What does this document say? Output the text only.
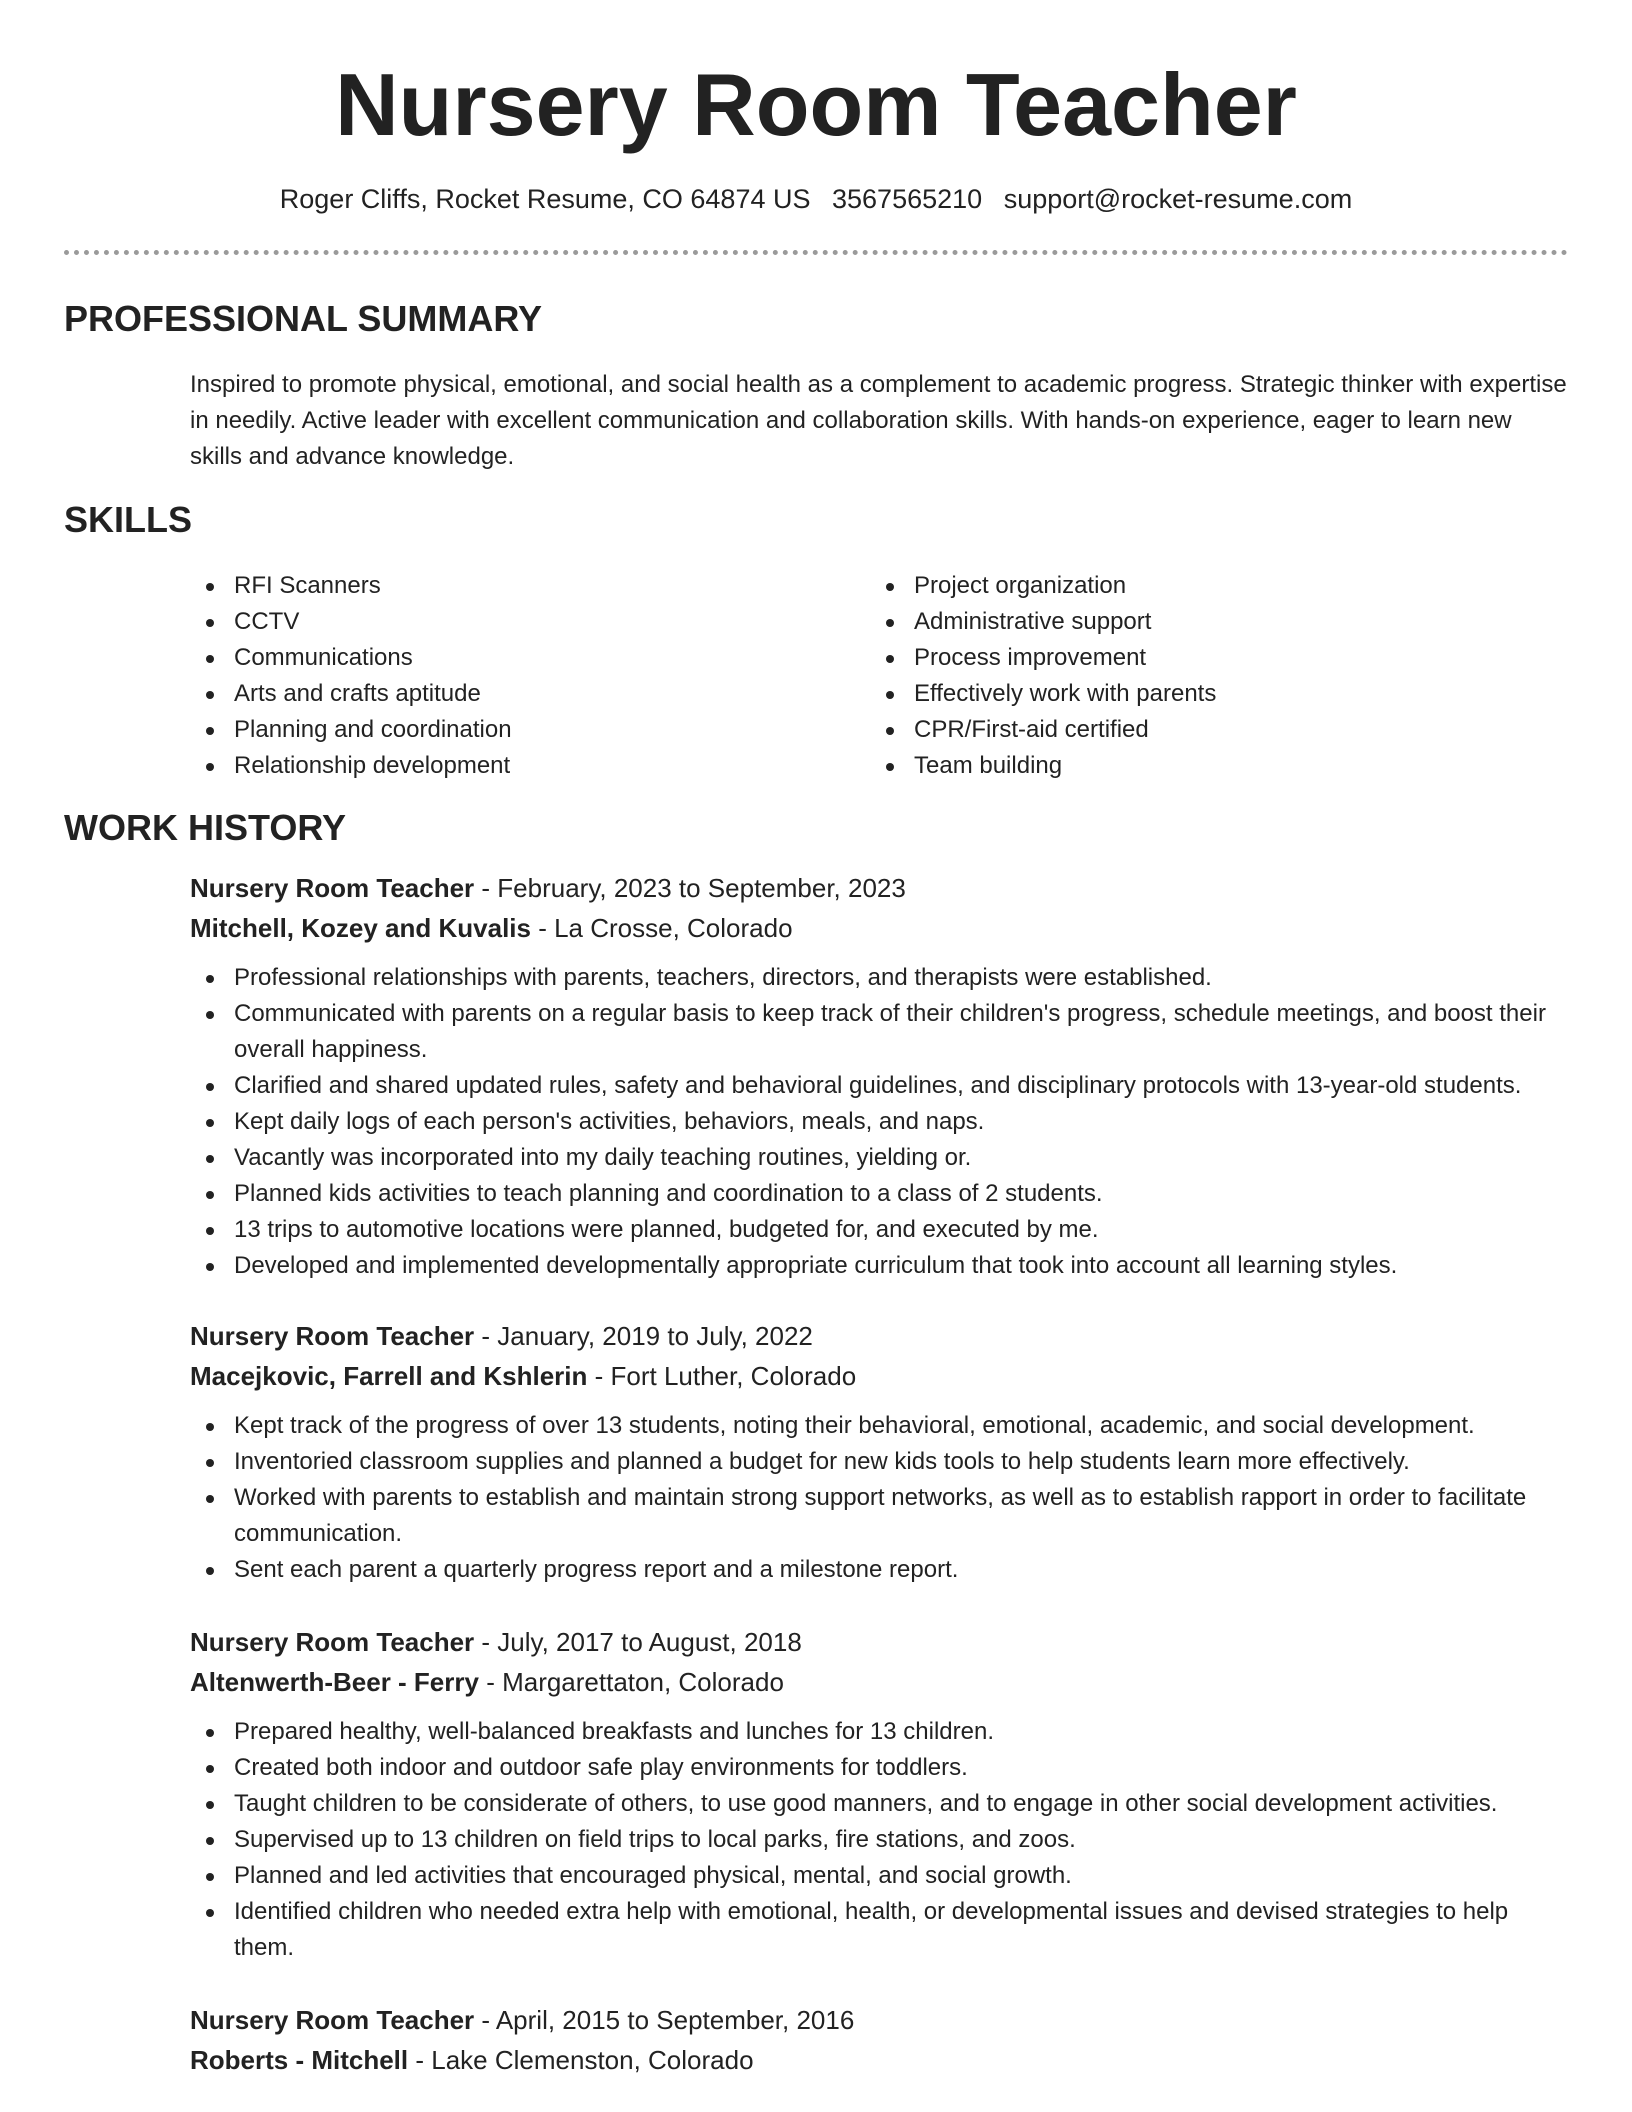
Nursery Room Teacher
Roger Cliffs, Rocket Resume, CO 64874 US 3567565210 support@rocket-resume.com
PROFESSIONAL SUMMARY

Inspired to promote physical, emotional, and social health as a complement to academic progress. Strategic thinker with expertise in needily. Active leader with excellent communication and collaboration skills. With hands-on experience, eager to learn new skills and advance knowledge.

SKILLS
RFI Scanners
CCTV
Communications
Arts and crafts aptitude
Planning and coordination
Relationship development
Project organization
Administrative support
Process improvement
Effectively work with parents
CPR/First-aid certified
Team building
WORK HISTORY

Nursery Room Teacher - February, 2023 to September, 2023

Mitchell, Kozey and Kuvalis - La Crosse, Colorado

Professional relationships with parents, teachers, directors, and therapists were established.
Communicated with parents on a regular basis to keep track of their children's progress, schedule meetings, and boost their overall happiness.
Clarified and shared updated rules, safety and behavioral guidelines, and disciplinary protocols with 13-year-old students.
Kept daily logs of each person's activities, behaviors, meals, and naps.
Vacantly was incorporated into my daily teaching routines, yielding or.
Planned kids activities to teach planning and coordination to a class of 2 students.
13 trips to automotive locations were planned, budgeted for, and executed by me.
Developed and implemented developmentally appropriate curriculum that took into account all learning styles.

Nursery Room Teacher - January, 2019 to July, 2022

Macejkovic, Farrell and Kshlerin - Fort Luther, Colorado

Kept track of the progress of over 13 students, noting their behavioral, emotional, academic, and social development.
Inventoried classroom supplies and planned a budget for new kids tools to help students learn more effectively.
Worked with parents to establish and maintain strong support networks, as well as to establish rapport in order to facilitate communication.
Sent each parent a quarterly progress report and a milestone report.

Nursery Room Teacher - July, 2017 to August, 2018

Altenwerth-Beer - Ferry - Margarettaton, Colorado

Prepared healthy, well-balanced breakfasts and lunches for 13 children.
Created both indoor and outdoor safe play environments for toddlers.
Taught children to be considerate of others, to use good manners, and to engage in other social development activities.
Supervised up to 13 children on field trips to local parks, fire stations, and zoos.
Planned and led activities that encouraged physical, mental, and social growth.
Identified children who needed extra help with emotional, health, or developmental issues and devised strategies to help them.

Nursery Room Teacher - April, 2015 to September, 2016

Roberts - Mitchell - Lake Clemenston, Colorado
